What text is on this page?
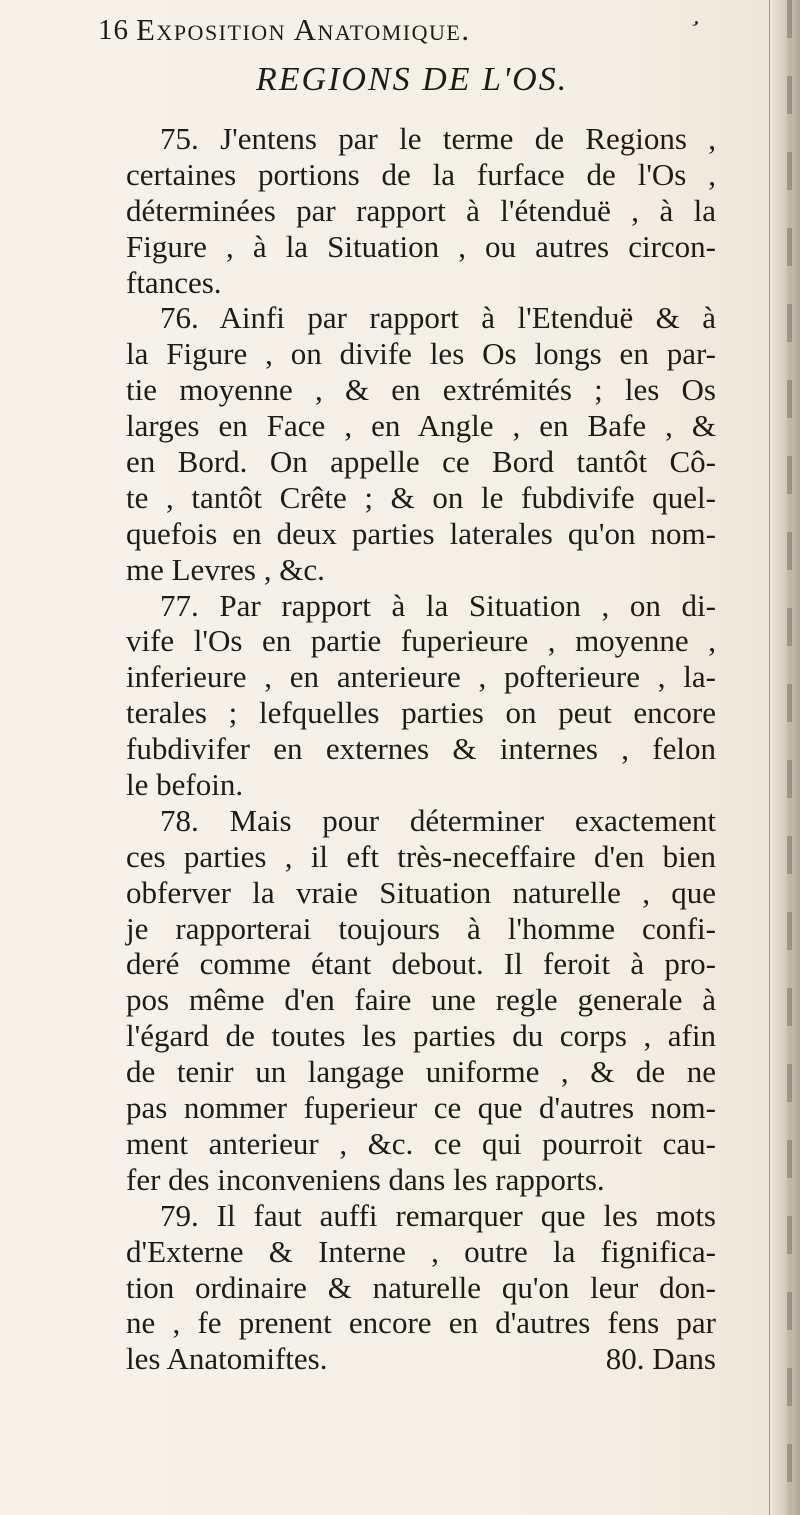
16 Exposition Anatomique.	’
REGIONS DE L'OS.
75. J'entens par le terme de Regions ,
certaines portions de la furface de l'Os ,
déterminées par rapport à l'étenduë , à la
Figure , à la Situation , ou autres circon-
ftances.
76. Ainfi par rapport à l'Etenduë & à
la Figure , on divife les Os longs en par-
tie moyenne , & en extrémités ; les Os
larges en Face , en Angle , en Bafe , &
en Bord. On appelle ce Bord tantôt Cô-
te , tantôt Crête ; & on le fubdivife quel-
quefois en deux parties laterales qu'on nom-
me Levres , &c.
77. Par rapport à la Situation , on di-
vife l'Os en partie fuperieure , moyenne ,
inferieure , en anterieure , pofterieure , la-
terales ; lefquelles parties on peut encore
fubdivifer en externes & internes , felon
le befoin.
78. Mais pour déterminer exactement
ces parties , il eft très-neceffaire d'en bien
obferver la vraie Situation naturelle , que
je rapporterai toujours à l'homme confi-
deré comme étant debout. Il feroit à pro-
pos même d'en faire une regle generale à
l'égard de toutes les parties du corps , afin
de tenir un langage uniforme , & de ne
pas nommer fuperieur ce que d'autres nom-
ment anterieur , &c. ce qui pourroit cau-
fer des inconveniens dans les rapports.
79. Il faut auffi remarquer que les mots
d'Externe & Interne , outre la fignifica-
tion ordinaire & naturelle qu'on leur don-
ne , fe prenent encore en d'autres fens par
les Anatomiftes.	80. Dans
